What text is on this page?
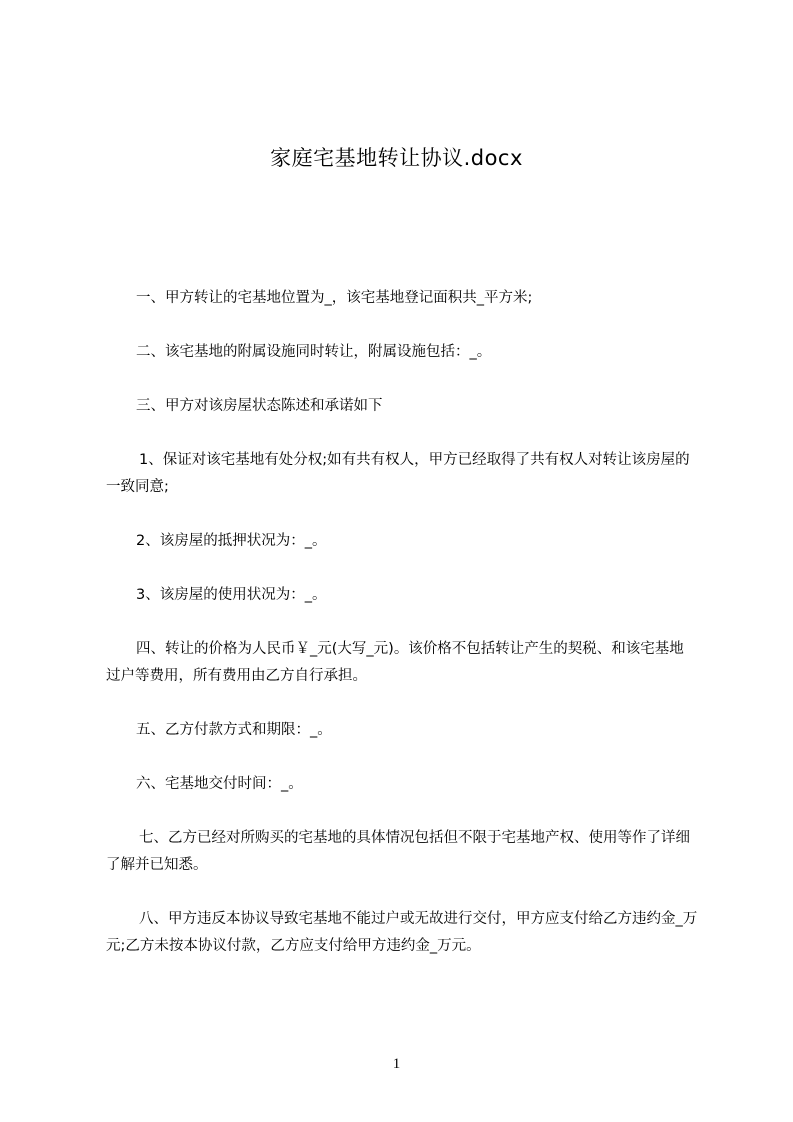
家庭宅基地转让协议.docx

一、甲方转让的宅基地位置为_，该宅基地登记面积共_平方米;

二、该宅基地的附属设施同时转让，附属设施包括：_。

三、甲方对该房屋状态陈述和承诺如下

1、保证对该宅基地有处分权;如有共有权人，甲方已经取得了共有权人对转让该房屋的一致同意;

2、该房屋的抵押状况为：_。

3、该房屋的使用状况为：_。

四、转让的价格为人民币￥_元(大写_元)。该价格不包括转让产生的契税、和该宅基地过户等费用，所有费用由乙方自行承担。

五、乙方付款方式和期限：_。

六、宅基地交付时间：_。

七、乙方已经对所购买的宅基地的具体情况包括但不限于宅基地产权、使用等作了详细了解并已知悉。

八、甲方违反本协议导致宅基地不能过户或无故进行交付，甲方应支付给乙方违约金_万元;乙方未按本协议付款，乙方应支付给甲方违约金_万元。

1
